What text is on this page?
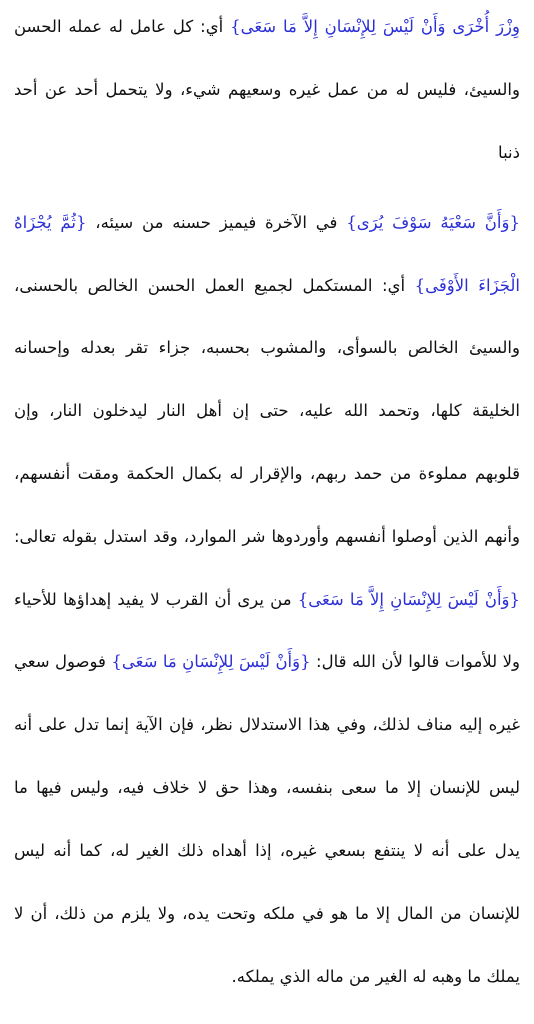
وِزْرَ أُخْرَى وَأَنْ لَيْسَ لِلإِنْسَانِ إِلاَّ مَا سَعَى} أي: كل عامل له عمله الحسن
والسيئ، فليس له من عمل غيره وسعيهم شيء، ولا يتحمل أحد عن أحد
ذنبا
{وَأَنَّ سَعْيَهُ سَوْفَ يُرَى} في الآخرة فيميز حسنه من سيئه، {ثُمَّ يُجْزَاهُ
الْجَزَاءَ الأَوْفَى} أي: المستكمل لجميع العمل الحسن الخالص بالحسنى،
والسيئ الخالص بالسوأى، والمشوب بحسبه، جزاء تقر بعدله وإحسانه
الخليقة كلها، وتحمد الله عليه، حتى إن أهل النار ليدخلون النار، وإن
قلوبهم مملوءة من حمد ربهم، والإقرار له بكمال الحكمة ومقت أنفسهم،
وأنهم الذين أوصلوا أنفسهم وأوردوها شر الموارد، وقد استدل بقوله تعالى:
{وَأَنْ لَيْسَ لِلإِنْسَانِ إِلاَّ مَا سَعَى} من يرى أن القرب لا يفيد إهداؤها للأحياء
ولا للأموات قالوا لأن الله قال: {وَأَنْ لَيْسَ لِلإِنْسَانِ مَا سَعَى} فوصول سعي
غيره إليه مناف لذلك، وفي هذا الاستدلال نظر، فإن الآية إنما تدل على أنه
ليس للإنسان إلا ما سعى بنفسه، وهذا حق لا خلاف فيه، وليس فيها ما
يدل على أنه لا ينتفع بسعي غيره، إذا أهداه ذلك الغير له، كما أنه ليس
للإنسان من المال إلا ما هو في ملكه وتحت يده، ولا يلزم من ذلك، أن لا
يملك ما وهبه له الغير من ماله الذي يملكه.
